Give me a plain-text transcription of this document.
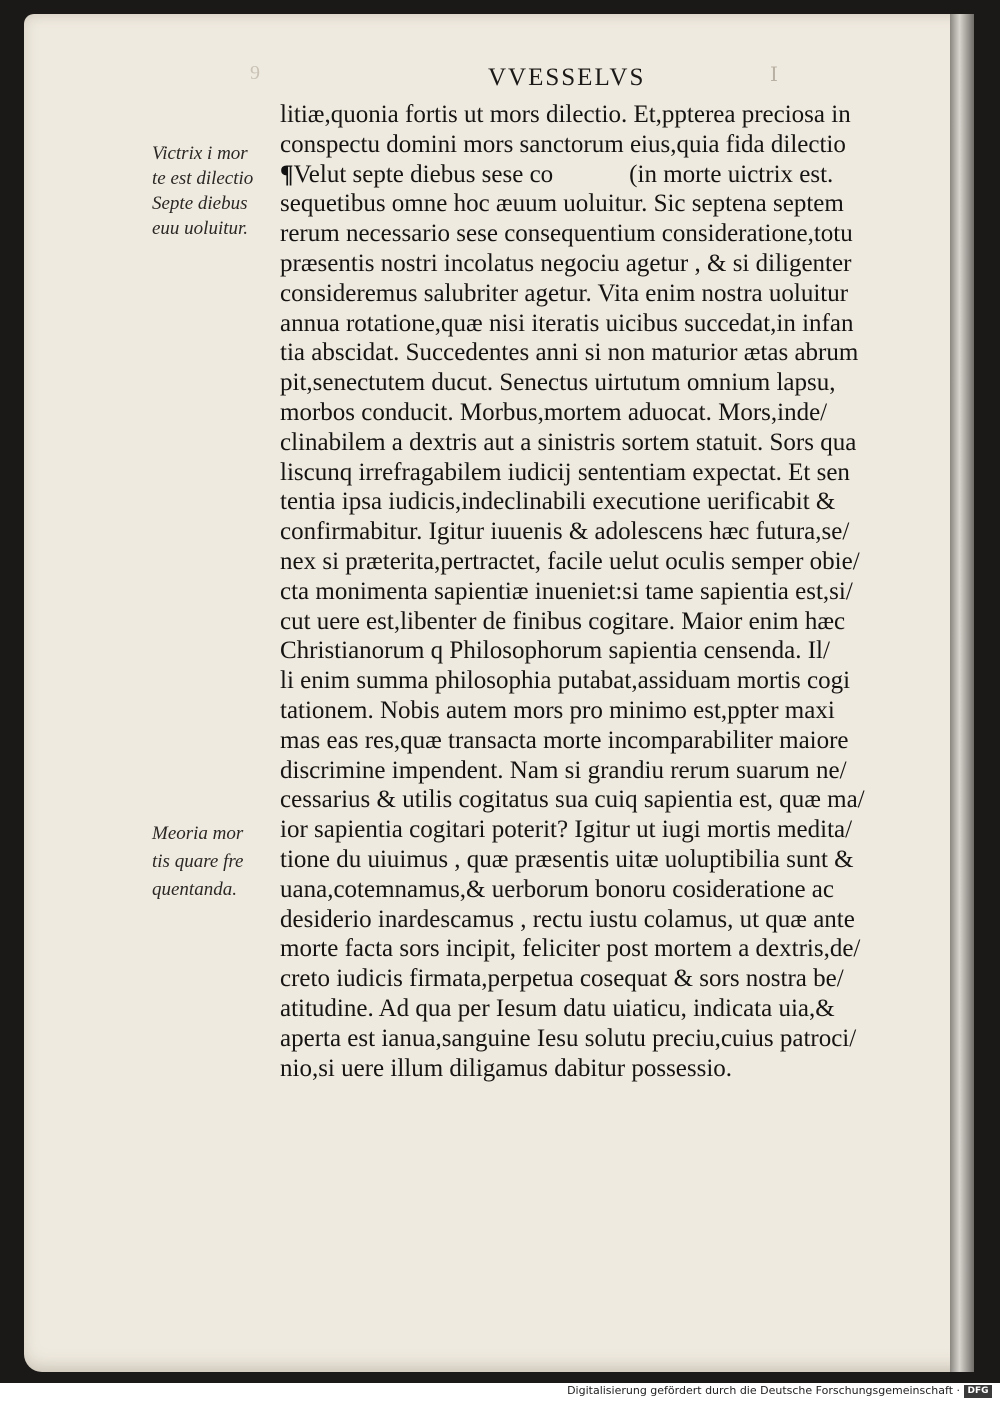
9	VVESSELVS	I
Victrix i mor
te est dilectio
Septe diebus
euu uoluitur.
Meoria mor
tis quare fre
quentanda.
litiæ,quonia fortis ut mors dilectio. Et,ppterea preciosa in
conspectu domini mors sanctorum eius,quia fida dilectio
¶Velut septe diebus sese co	(in morte uictrix est.
sequetibus omne hoc æuum uoluitur. Sic septena septem
rerum necessario sese consequentium consideratione,totu
præsentis nostri incolatus negociu agetur , & si diligenter
consideremus salubriter agetur. Vita enim nostra uoluitur
annua rotatione,quæ nisi iteratis uicibus succedat,in infan
tia abscidat. Succedentes anni si non maturior ætas abrum
pit,senectutem ducut. Senectus uirtutum omnium lapsu,
morbos conducit. Morbus,mortem aduocat. Mors,inde/
clinabilem a dextris aut a sinistris sortem statuit. Sors qua
liscunq irrefragabilem iudicij sententiam expectat. Et sen
tentia ipsa iudicis,indeclinabili executione uerificabit &
confirmabitur. Igitur iuuenis & adolescens hæc futura,se/
nex si præterita,pertractet, facile uelut oculis semper obie/
cta monimenta sapientiæ inueniet:si tame sapientia est,si/
cut uere est,libenter de finibus cogitare. Maior enim hæc
Christianorum q Philosophorum sapientia censenda. Il/
li enim summa philosophia putabat,assiduam mortis cogi
tationem. Nobis autem mors pro minimo est,ppter maxi
mas eas res,quæ transacta morte incomparabiliter maiore
discrimine impendent. Nam si grandiu rerum suarum ne/
cessarius & utilis cogitatus sua cuiq sapientia est, quæ ma/
ior sapientia cogitari poterit? Igitur ut iugi mortis medita/
tione du uiuimus , quæ præsentis uitæ uoluptibilia sunt &
uana,cotemnamus,& uerborum bonoru cosideratione ac
desiderio inardescamus , rectu iustu colamus, ut quæ ante
morte facta sors incipit, feliciter post mortem a dextris,de/
creto iudicis firmata,perpetua cosequat & sors nostra be/
atitudine. Ad qua per Iesum datu uiaticu, indicata uia,&
aperta est ianua,sanguine Iesu solutu preciu,cuius patroci/
nio,si uere illum diligamus dabitur possessio.
Digitalisierung gefördert durch die Deutsche Forschungsgemeinschaft · DFG
